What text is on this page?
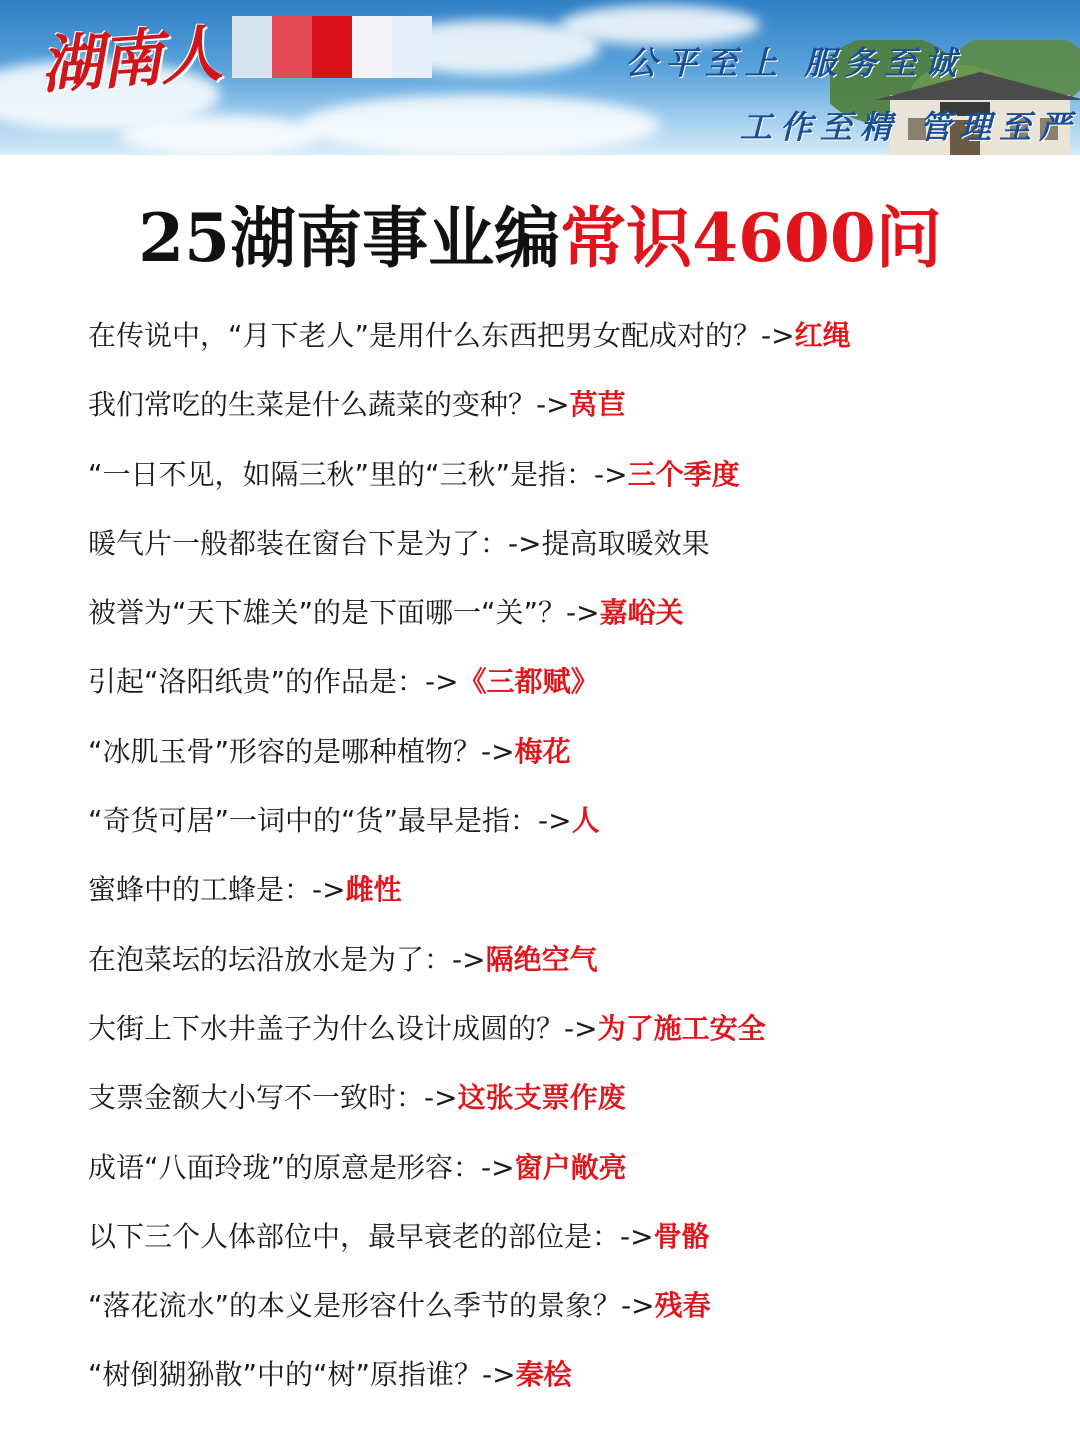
湖南人	公平至上 服务至诚
工作至精 管理至严
25湖南事业编常识4600问
在传说中，“月下老人”是用什么东西把男女配成对的？->红绳
我们常吃的生菜是什么蔬菜的变种？->莴苣
“一日不见，如隔三秋”里的“三秋”是指：->三个季度
暖气片一般都装在窗台下是为了：->提高取暖效果
被誉为“天下雄关”的是下面哪一“关”？->嘉峪关
引起“洛阳纸贵”的作品是：->《三都赋》
“冰肌玉骨”形容的是哪种植物？->梅花
“奇货可居”一词中的“货”最早是指：->人
蜜蜂中的工蜂是：->雌性
在泡菜坛的坛沿放水是为了：->隔绝空气
大街上下水井盖子为什么设计成圆的？->为了施工安全
支票金额大小写不一致时：->这张支票作废
成语“八面玲珑”的原意是形容：->窗户敞亮
以下三个人体部位中，最早衰老的部位是：->骨骼
“落花流水”的本义是形容什么季节的景象？->残春
“树倒猢狲散”中的“树”原指谁？->秦桧
